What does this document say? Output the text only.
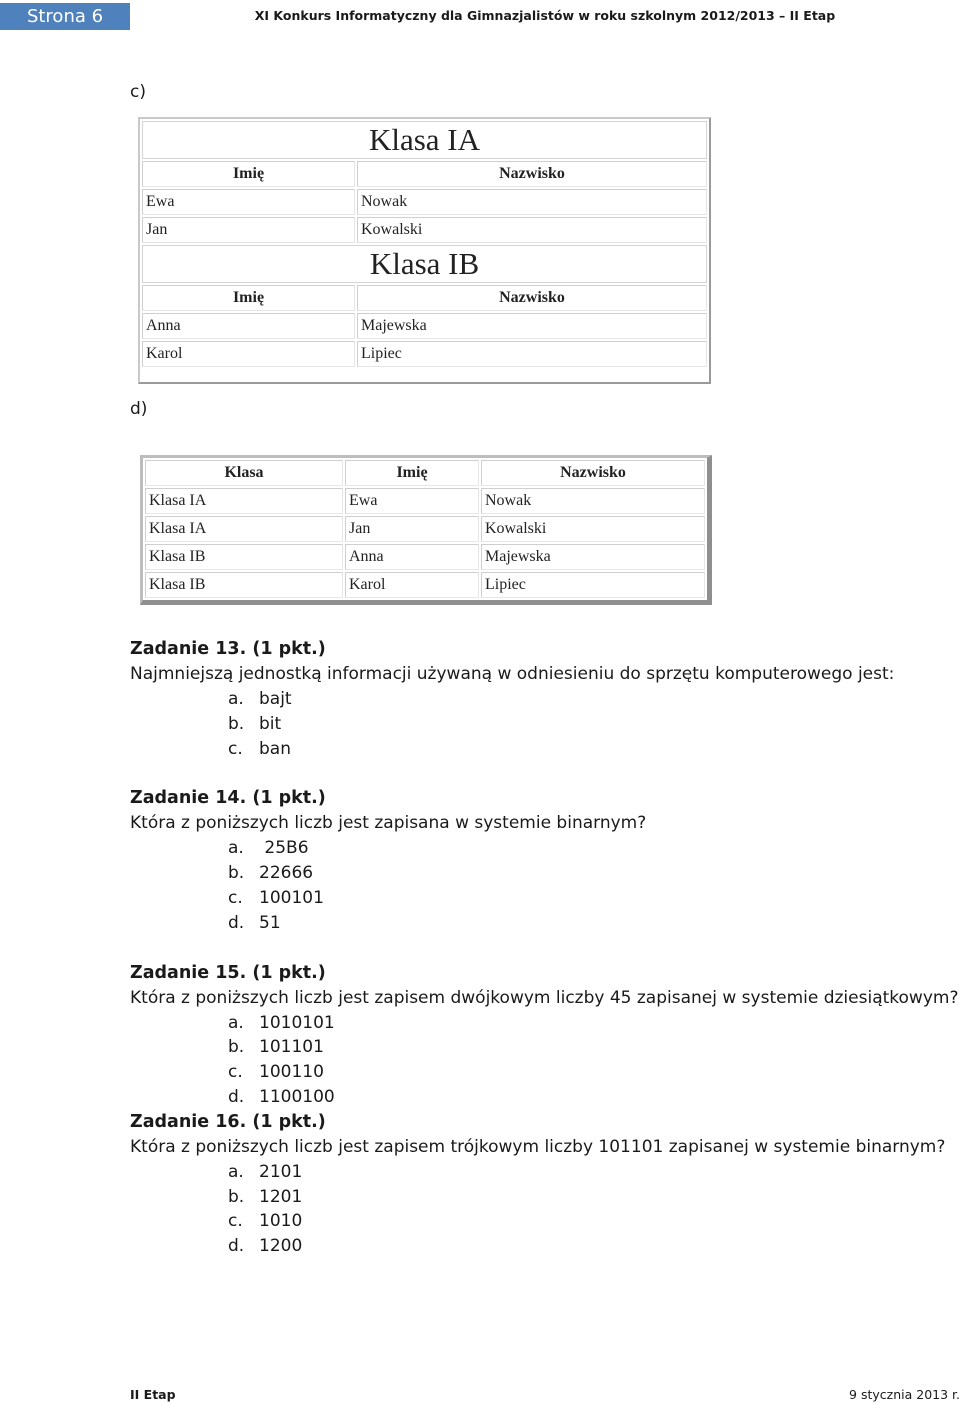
Strona 6	XI Konkurs Informatyczny dla Gimnazjalistów w roku szkolnym 2012/2013 – II Etap
c)
Klasa IA	
Imię	Nazwisko
Ewa	Nowak
Jan	Kowalski
Klasa IB	
Imię	Nazwisko
Anna	Majewska
Karol	Lipiec
d)
Klasa	Imię	Nazwisko
Klasa IA	Ewa	Nowak
Klasa IA	Jan	Kowalski
Klasa IB	Anna	Majewska
Klasa IB	Karol	Lipiec
Zadanie 13. (1 pkt.)
Najmniejszą jednostką informacji używaną w odniesieniu do sprzętu komputerowego jest:
a. bajt
b. bit
c. ban
Zadanie 14. (1 pkt.)
Która z poniższych liczb jest zapisana w systemie binarnym?
a. 25B6
b. 22666
c. 100101
d. 51
Zadanie 15. (1 pkt.)
Która z poniższych liczb jest zapisem dwójkowym liczby 45 zapisanej w systemie dziesiątkowym?
a. 1010101
b. 101101
c. 100110
d. 1100100
Zadanie 16. (1 pkt.)
Która z poniższych liczb jest zapisem trójkowym liczby 101101 zapisanej w systemie binarnym?
a. 2101
b. 1201
c. 1010
d. 1200
II Etap	9 stycznia 2013 r.
